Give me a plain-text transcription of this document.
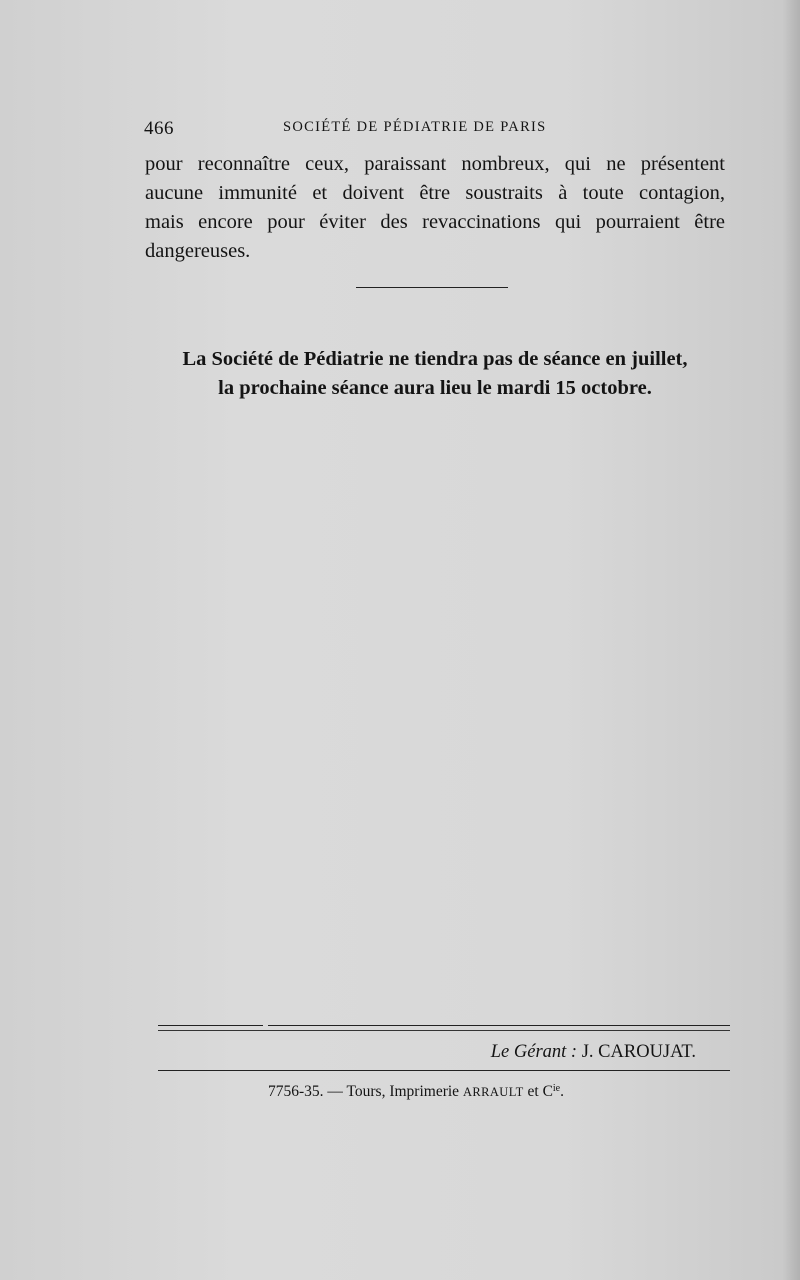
466	SOCIÉTÉ DE PÉDIATRIE DE PARIS

pour reconnaître ceux, paraissant nombreux, qui ne présentent
aucune immunité et doivent être soustraits à toute contagion,
mais encore pour éviter des revaccinations qui pourraient être
dangereuses.

La Société de Pédiatrie ne tiendra pas de séance en juillet,
la prochaine séance aura lieu le mardi 15 octobre.

Le Gérant : J. CAROUJAT.
7756-35. — Tours, Imprimerie ARRAULT et $C^{ie}$.
